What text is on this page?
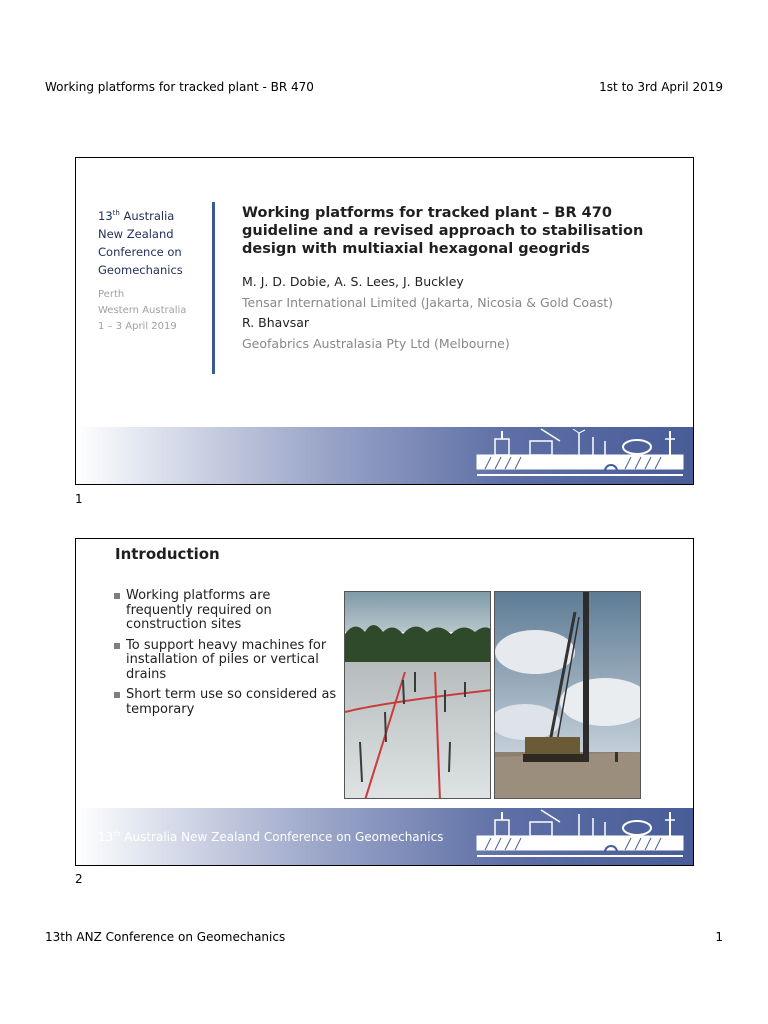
Working platforms for tracked plant - BR 470	1st to 3rd April 2019
13th Australia
New Zealand
Conference on
Geomechanics
Perth
Western Australia
1 – 3 April 2019
Working platforms for tracked plant – BR 470
guideline and a revised approach to stabilisation
design with multiaxial hexagonal geogrids
M. J. D. Dobie, A. S. Lees, J. Buckley
Tensar International Limited (Jakarta, Nicosia & Gold Coast)
R. Bhavsar
Geofabrics Australasia Pty Ltd (Melbourne)
1
Introduction
Working platforms are frequently required on construction sites
To support heavy machines for installation of piles or vertical drains
Short term use so considered as temporary
13th Australia New Zealand Conference on Geomechanics
2
13th ANZ Conference on Geomechanics	1
